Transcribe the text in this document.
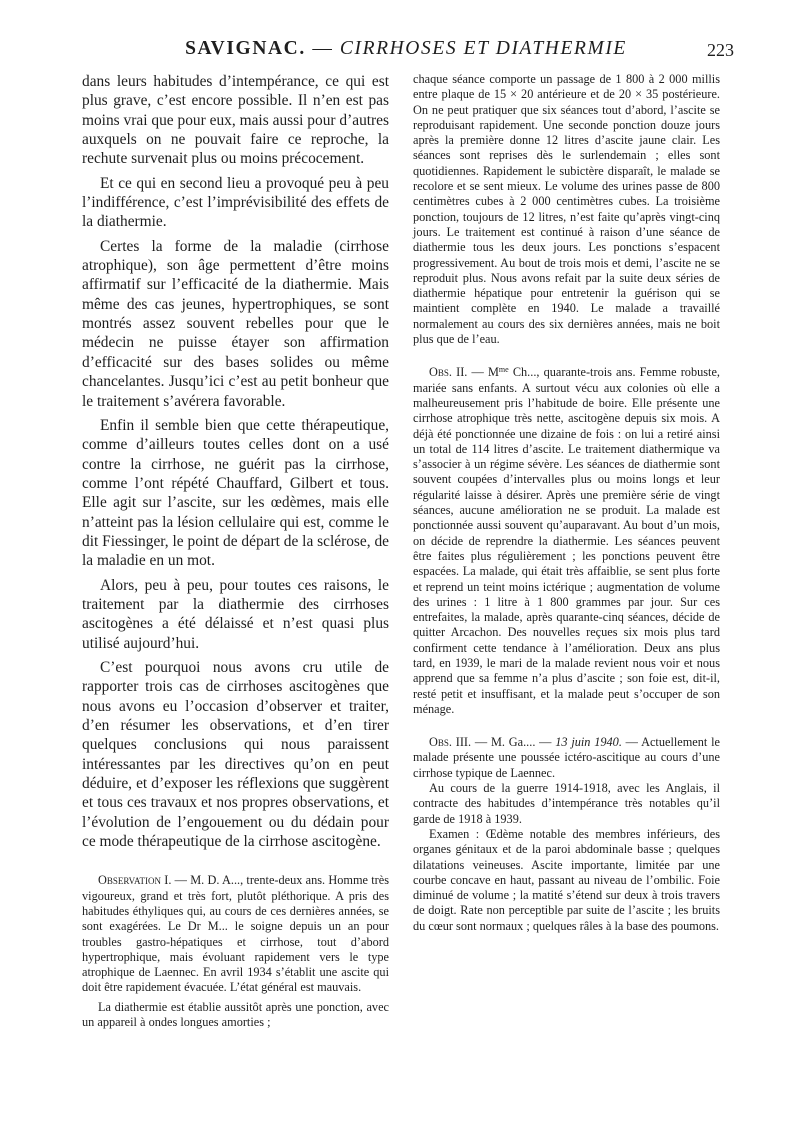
SAVIGNAC. — CIRRHOSES ET DIATHERMIE	223

dans leurs habitudes d’intempérance, ce qui est plus grave, c’est encore possible. Il n’en est pas moins vrai que pour eux, mais aussi pour d’autres auxquels on ne pouvait faire ce reproche, la rechute survenait plus ou moins précocement.

Et ce qui en second lieu a provoqué peu à peu l’indifférence, c’est l’imprévisibilité des effets de la diathermie.

Certes la forme de la maladie (cirrhose atrophique), son âge permettent d’être moins affirmatif sur l’efficacité de la diathermie. Mais même des cas jeunes, hypertrophiques, se sont montrés assez souvent rebelles pour que le médecin ne puisse étayer son affirmation d’efficacité sur des bases solides ou même chancelantes. Jusqu’ici c’est au petit bonheur que le traitement s’avérera favorable.

Enfin il semble bien que cette thérapeutique, comme d’ailleurs toutes celles dont on a usé contre la cirrhose, ne guérit pas la cirrhose, comme l’ont répété Chauffard, Gilbert et tous. Elle agit sur l’ascite, sur les œdèmes, mais elle n’atteint pas la lésion cellulaire qui est, comme le dit Fiessinger, le point de départ de la sclérose, de la maladie en un mot.

Alors, peu à peu, pour toutes ces raisons, le traitement par la diathermie des cirrhoses ascitogènes a été délaissé et n’est quasi plus utilisé aujourd’hui.

C’est pourquoi nous avons cru utile de rapporter trois cas de cirrhoses ascitogènes que nous avons eu l’occasion d’observer et traiter, d’en résumer les observations, et d’en tirer quelques conclusions qui nous paraissent intéressantes par les directives qu’on en peut déduire, et d’exposer les réflexions que suggèrent et tous ces travaux et nos propres observations, et l’évolution de l’engouement ou du dédain pour ce mode thérapeutique de la cirrhose ascitogène.

Observation I. — M. D. A..., trente-deux ans. Homme très vigoureux, grand et très fort, plutôt pléthorique. A pris des habitudes éthyliques qui, au cours de ces dernières années, se sont exagérées. Le Dr M... le soigne depuis un an pour troubles gastro-hépatiques et cirrhose, tout d’abord hypertrophique, mais évoluant rapidement vers le type atrophique de Laennec. En avril 1934 s’établit une ascite qui doit être rapidement évacuée. L’état général est mauvais.

La diathermie est établie aussitôt après une ponction, avec un appareil à ondes longues amorties ;

chaque séance comporte un passage de 1 800 à 2 000 millis entre plaque de 15 × 20 antérieure et de 20 × 35 postérieure. On ne peut pratiquer que six séances tout d’abord, l’ascite se reproduisant rapidement. Une seconde ponction douze jours après la première donne 12 litres d’ascite jaune clair. Les séances sont reprises dès le surlendemain ; elles sont quotidiennes. Rapidement le subictère disparaît, le malade se recolore et se sent mieux. Le volume des urines passe de 800 centimètres cubes à 2 000 centimètres cubes. La troisième ponction, toujours de 12 litres, n’est faite qu’après vingt-cinq jours. Le traitement est continué à raison d’une séance de diathermie tous les deux jours. Les ponctions s’espacent progressivement. Au bout de trois mois et demi, l’ascite ne se reproduit plus. Nous avons refait par la suite deux séries de diathermie hépatique pour entretenir la guérison qui se maintient complète en 1940. Le malade a travaillé normalement au cours des six dernières années, mais ne boit plus que de l’eau.

Obs. II. — $M^{me}$ Ch..., quarante-trois ans. Femme robuste, mariée sans enfants. A surtout vécu aux colonies où elle a malheureusement pris l’habitude de boire. Elle présente une cirrhose atrophique très nette, ascitogène depuis six mois. A déjà été ponctionnée une dizaine de fois : on lui a retiré ainsi un total de 114 litres d’ascite. Le traitement diathermique va s’associer à un régime sévère. Les séances de diathermie sont souvent coupées d’intervalles plus ou moins longs et leur régularité laisse à désirer. Après une première série de vingt séances, aucune amélioration ne se produit. La malade est ponctionnée aussi souvent qu’auparavant. Au bout d’un mois, on décide de reprendre la diathermie. Les séances peuvent être faites plus régulièrement ; les ponctions peuvent être espacées. La malade, qui était très affaiblie, se sent plus forte et reprend un teint moins ictérique ; augmentation de volume des urines : 1 litre à 1 800 grammes par jour. Sur ces entrefaites, la malade, après quarante-cinq séances, décide de quitter Arcachon. Des nouvelles reçues six mois plus tard confirment cette tendance à l’amélioration. Deux ans plus tard, en 1939, le mari de la malade revient nous voir et nous apprend que sa femme n’a plus d’ascite ; son foie est, dit-il, resté petit et insuffisant, et la malade peut s’occuper de son ménage.

Obs. III. — M. Ga.... — 13 juin 1940. — Actuellement le malade présente une poussée ictéro-ascitique au cours d’une cirrhose typique de Laennec.

Au cours de la guerre 1914-1918, avec les Anglais, il contracte des habitudes d’intempérance très notables qu’il garde de 1918 à 1939.

Examen : Œdème notable des membres inférieurs, des organes génitaux et de la paroi abdominale basse ; quelques dilatations veineuses. Ascite importante, limitée par une courbe concave en haut, passant au niveau de l’ombilic. Foie diminué de volume ; la matité s’étend sur deux à trois travers de doigt. Rate non perceptible par suite de l’ascite ; les bruits du cœur sont normaux ; quelques râles à la base des poumons.
